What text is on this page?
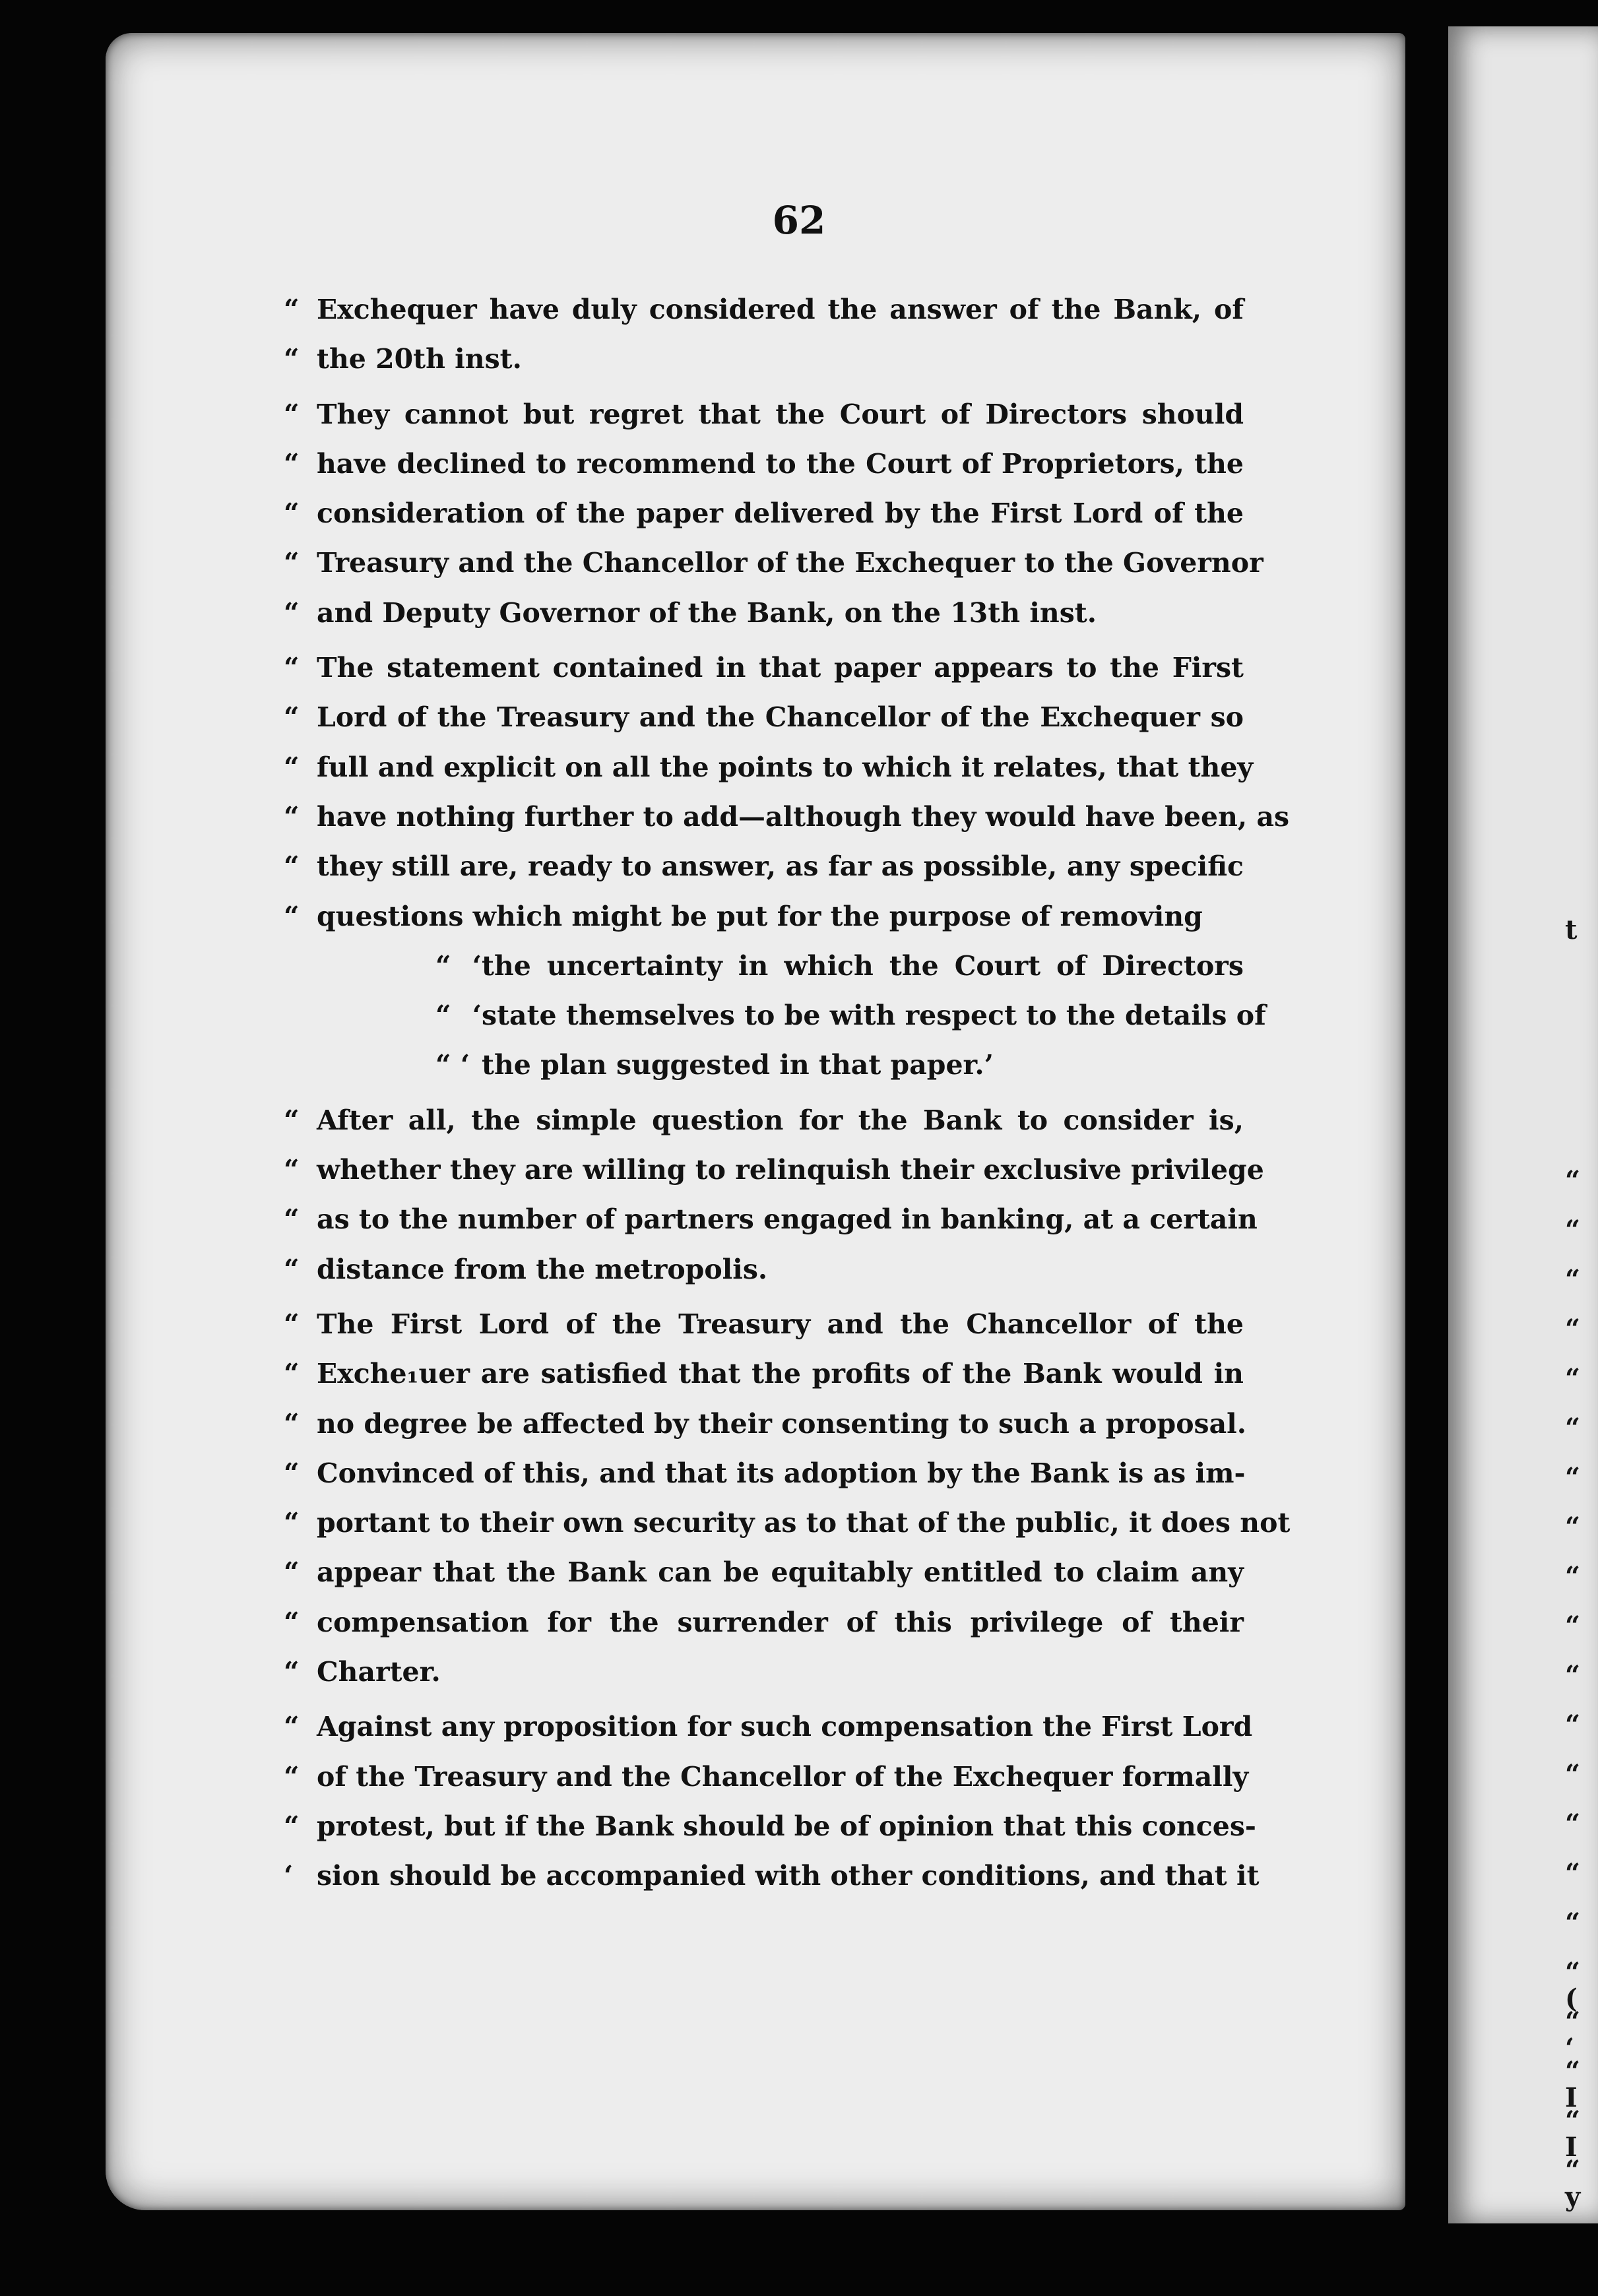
t
“
“
“
“
“
“
“
“
“
“
“
“
“
“
“
“
“ (
“ ‘
“ I
“ I
“ y
62
“ Exchequer have duly considered the answer of the Bank, of
“ the 20th inst.
“ They cannot but regret that the Court of Directors should
“ have declined to recommend to the Court of Proprietors, the
“ consideration of the paper delivered by the First Lord of the
“ Treasury and the Chancellor of the Exchequer to the Governor
“ and Deputy Governor of the Bank, on the 13th inst.
“ The statement contained in that paper appears to the First
“ Lord of the Treasury and the Chancellor of the Exchequer so
“ full and explicit on all the points to which it relates, that they
“ have nothing further to add—although they would have been, as
“ they still are, ready to answer, as far as possible, any specific
“ questions which might be put for the purpose of removing
“ ‘the uncertainty in which the Court of Directors
“ ‘state themselves to be with respect to the details of
“ ‘ the plan suggested in that paper.’
“ After all, the simple question for the Bank to consider is,
“ whether they are willing to relinquish their exclusive privilege
“ as to the number of partners engaged in banking, at a certain
“ distance from the metropolis.
“ The First Lord of the Treasury and the Chancellor of the
“ Exche₁uer are satisfied that the profits of the Bank would in
“ no degree be affected by their consenting to such a proposal.
“ Convinced of this, and that its adoption by the Bank is as im-
“ portant to their own security as to that of the public, it does not
“ appear that the Bank can be equitably entitled to claim any
“ compensation for the surrender of this privilege of their
“ Charter.
“ Against any proposition for such compensation the First Lord
“ of the Treasury and the Chancellor of the Exchequer formally
“ protest, but if the Bank should be of opinion that this conces-
‘ sion should be accompanied with other conditions, and that it
